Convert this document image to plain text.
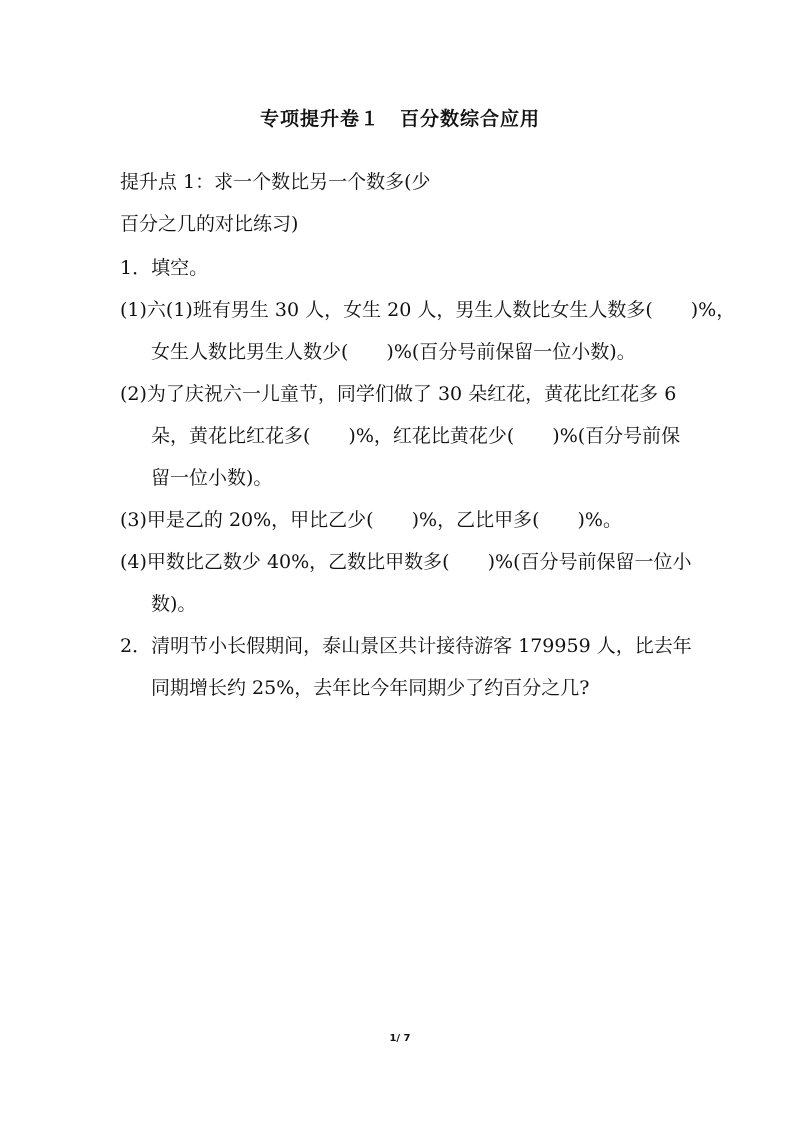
专项提升卷１　百分数综合应用
提升点 1：求一个数比另一个数多(少
百分之几的对比练习)
1．填空。
(1)六(1)班有男生 30 人，女生 20 人，男生人数比女生人数多(　　)%，
女生人数比男生人数少(　　)%(百分号前保留一位小数)。
(2)为了庆祝六一儿童节，同学们做了 30 朵红花，黄花比红花多 6
朵，黄花比红花多(　　)%，红花比黄花少(　　)%(百分号前保
留一位小数)。
(3)甲是乙的 20%，甲比乙少(　　)%，乙比甲多(　　)%。
(4)甲数比乙数少 40%，乙数比甲数多(　　)%(百分号前保留一位小
数)。
2．清明节小长假期间，泰山景区共计接待游客 179959 人，比去年
同期增长约 25%，去年比今年同期少了约百分之几?
1/ 7
